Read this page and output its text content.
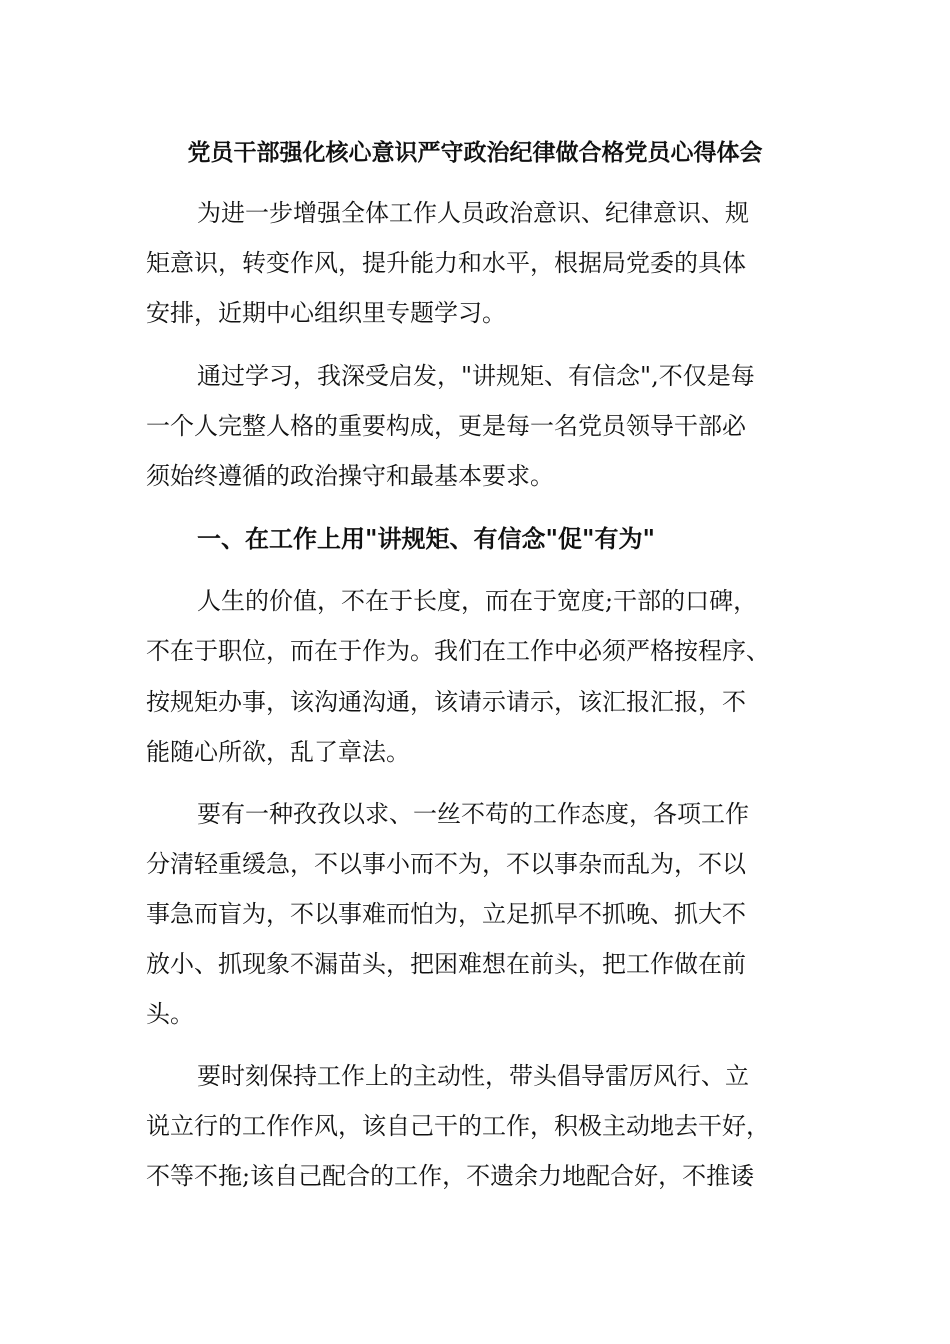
党员干部强化核心意识严守政治纪律做合格党员心得体会
为进一步增强全体工作人员政治意识、纪律意识、规
矩意识，转变作风，提升能力和水平，根据局党委的具体
安排，近期中心组织里专题学习。
通过学习，我深受启发，"讲规矩、有信念",不仅是每
一个人完整人格的重要构成，更是每一名党员领导干部必
须始终遵循的政治操守和最基本要求。
一、在工作上用"讲规矩、有信念"促"有为"
人生的价值，不在于长度，而在于宽度;干部的口碑，
不在于职位，而在于作为。我们在工作中必须严格按程序、
按规矩办事，该沟通沟通，该请示请示，该汇报汇报，不
能随心所欲，乱了章法。
要有一种孜孜以求、一丝不苟的工作态度，各项工作
分清轻重缓急，不以事小而不为，不以事杂而乱为，不以
事急而盲为，不以事难而怕为，立足抓早不抓晚、抓大不
放小、抓现象不漏苗头，把困难想在前头，把工作做在前
头。
要时刻保持工作上的主动性，带头倡导雷厉风行、立
说立行的工作作风，该自己干的工作，积极主动地去干好，
不等不拖;该自己配合的工作，不遗余力地配合好，不推诿
